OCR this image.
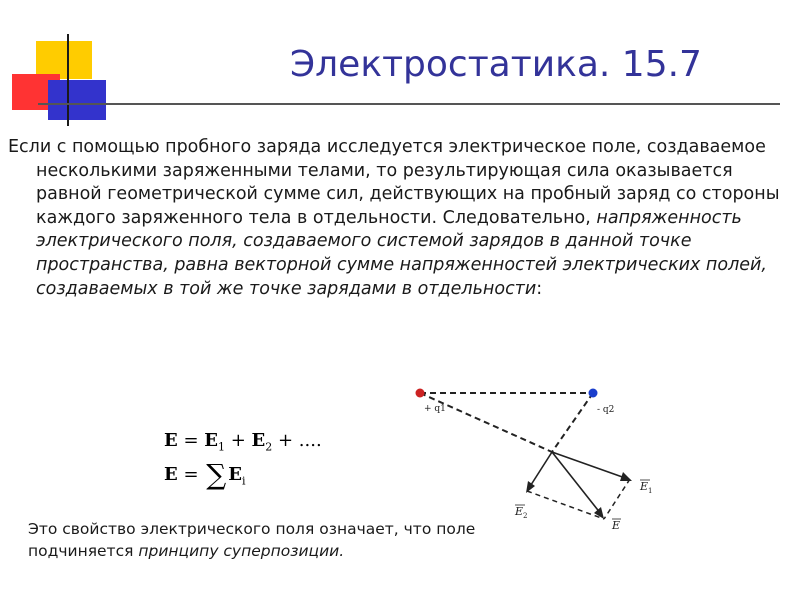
+ q1	- q2
E 1
E 2
E
Электростатика. 15.7
Если с помощью пробного заряда исследуется электрическое поле, создаваемое несколькими заряженными телами, то результирующая сила оказывается равной геометрической сумме сил, действующих на пробный заряд со стороны каждого заряженного тела в отдельности. Следовательно, напряженность электрического поля, создаваемого системой зарядов в данной точке пространства, равна векторной сумме напряженностей электрических полей, создаваемых в той же точке зарядами в отдельности:
$E = E_1 + E_2$ + ....
E = ∑ $E_i$
Это свойство электрического поля означает, что поле подчиняется принципу суперпозиции.
